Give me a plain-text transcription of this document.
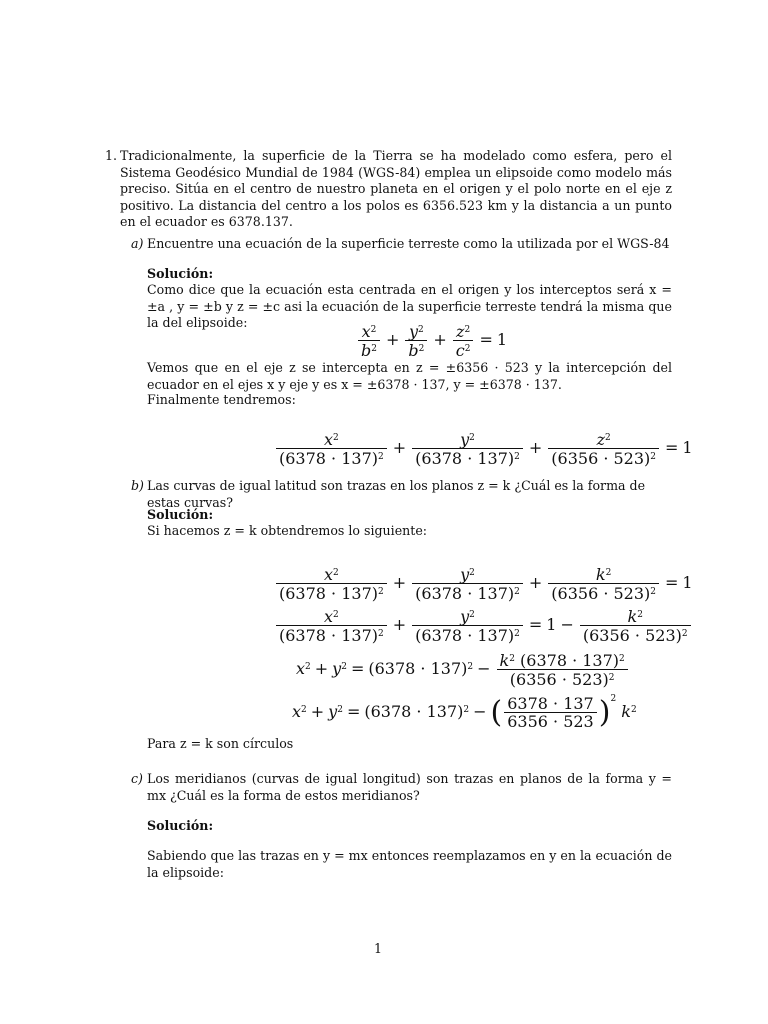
1. Tradicionalmente, la superficie de la Tierra se ha modelado como esfera, pero el Sistema Geodésico Mundial de 1984 (WGS-84) emplea un elipsoide como modelo más preciso. Sitúa en el centro de nuestro planeta en el origen y el polo norte en el eje z positivo. La distancia del centro a los polos es 6356.523 km y la distancia a un punto en el ecuador es 6378.137.

a) Encuentre una ecuación de la superficie terreste como la utilizada por el WGS-84

Solución:

Como dice que la ecuación esta centrada en el origen y los interceptos será x = ±a , y = ±b y z = ±c asi la ecuación de la superficie terreste tendrá la misma que la del elipsoide:	$\frac{x^2}{b^2} + \frac{y^2}{b^2} + \frac{z^2}{c^2} = 1$

Vemos que en el eje z se intercepta en z = ±6356 · 523 y la intercepción del ecuador en el ejes x y eje y es x = ±6378 · 137, y = ±6378 · 137.

Finalmente tendremos:

$\frac{x^2}{(6378 \cdot 137)^2} + \frac{y^2}{(6378 \cdot 137)^2} + \frac{z^2}{(6356 \cdot 523)^2} = 1$
b) Las curvas de igual latitud son trazas en los planos z = k ¿Cuál es la forma de estas curvas?

Solución:

Si hacemos z = k obtendremos lo siguiente:

$\frac{x^2}{(6378 \cdot 137)^2} + \frac{y^2}{(6378 \cdot 137)^2} + \frac{k^2}{(6356 \cdot 523)^2} = 1$
$\frac{x^2}{(6378 \cdot 137)^2} + \frac{y^2}{(6378 \cdot 137)^2} = 1 - \frac{k^2}{(6356 \cdot 523)^2}$
$x^2 + y^2 = (6378 \cdot 137)^2 - \frac{k^2 (6378 \cdot 137)^2}{(6356 \cdot 523)^2}$
$x^2 + y^2 = (6378 \cdot 137)^2$ − ( $\frac{6378 \cdot 137}{6356 \cdot 523} )^2$ $k^2$

Para z = k son círculos

c) Los meridianos (curvas de igual longitud) son trazas en planos de la forma y = mx ¿Cuál es la forma de estos meridianos?

Solución:

Sabiendo que las trazas en y = mx entonces reemplazamos en y en la ecuación de la elipsoide:

1
